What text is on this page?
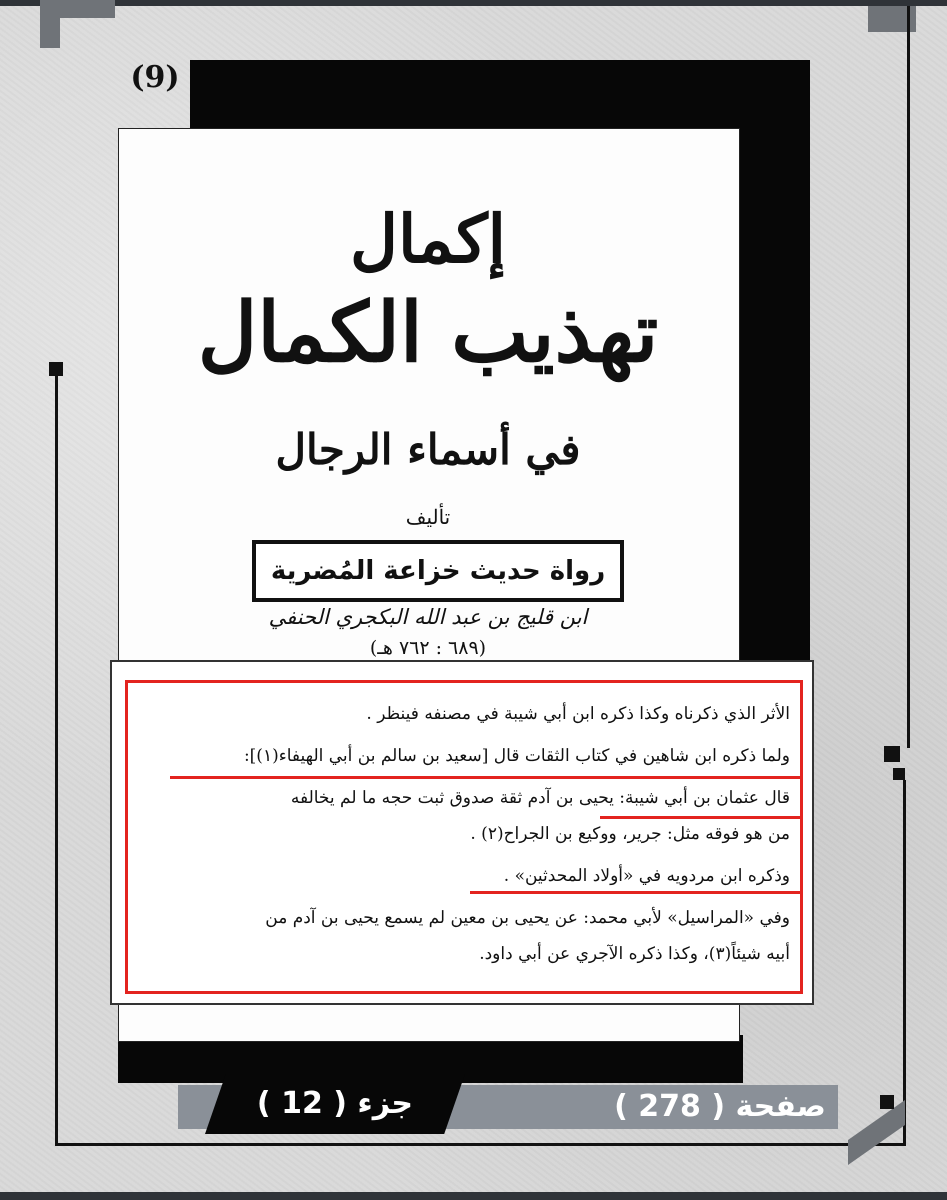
(9)
إكمال
تهذيب الكمال
في أسماء الرجال
تأليف
ابن قليج بن عبد الله البكجري الحنفي
(٦٨٩ : ٧٦٢ هـ)
رواة حديث خزاعة المُضرية
الأثر الذي ذكرناه وكذا ذكره ابن أبي شيبة في مصنفه فينظر .
ولما ذكره ابن شاهين في كتاب الثقات قال [سعيد بن سالم بن أبي الهيفاء(١)]:
قال عثمان بن أبي شيبة: يحيى بن آدم ثقة صدوق ثبت حجه ما لم يخالفه
من هو فوقه مثل: جرير، ووكيع بن الجراح(٢) .
وذكره ابن مردويه في «أولاد المحدثين» .
وفي «المراسيل» لأبي محمد: عن يحيى بن معين لم يسمع يحيى بن آدم من
أبيه شيئاً(٣)، وكذا ذكره الآجري عن أبي داود.
جزء ( 12 )	صفحة ( 278 )
